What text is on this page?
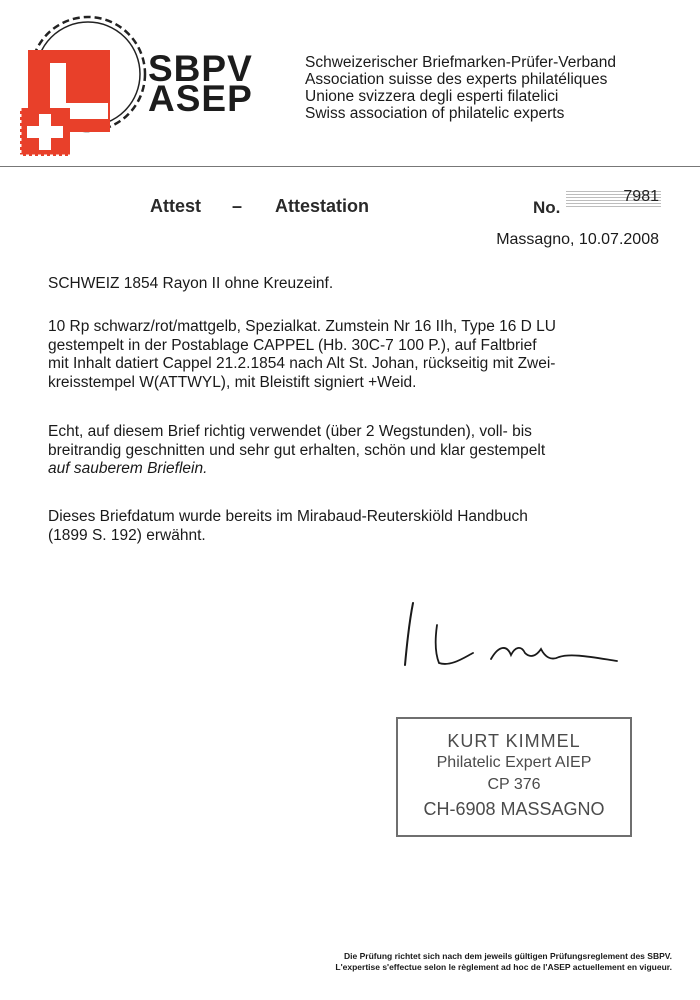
SBPV
ASEP
Schweizerischer Briefmarken-Prüfer-Verband
Association suisse des experts philatéliques
Unione svizzera degli esperti filatelici
Swiss association of philatelic experts
Attest – Attestation	No.
7981
Massagno, 10.07.2008
SCHWEIZ 1854 Rayon II ohne Kreuzeinf.
10 Rp schwarz/rot/mattgelb, Spezialkat. Zumstein Nr 16 IIh, Type 16 D LU
gestempelt in der Postablage CAPPEL (Hb. 30C-7 100 P.), auf Faltbrief
mit Inhalt datiert Cappel 21.2.1854 nach Alt St. Johan, rückseitig mit Zwei-
kreisstempel W(ATTWYL), mit Bleistift signiert +Weid.
Echt, auf diesem Brief richtig verwendet (über 2 Wegstunden), voll- bis
breitrandig geschnitten und sehr gut erhalten, schön und klar gestempelt
auf sauberem Brieflein.
Dieses Briefdatum wurde bereits im Mirabaud-Reuterskiöld Handbuch
(1899 S. 192) erwähnt.
KURT KIMMEL
Philatelic Expert AIEP
CP 376
CH-6908 MASSAGNO
Die Prüfung richtet sich nach dem jeweils gültigen Prüfungsreglement des SBPV.
L'expertise s'effectue selon le règlement ad hoc de l'ASEP actuellement en vigueur.
